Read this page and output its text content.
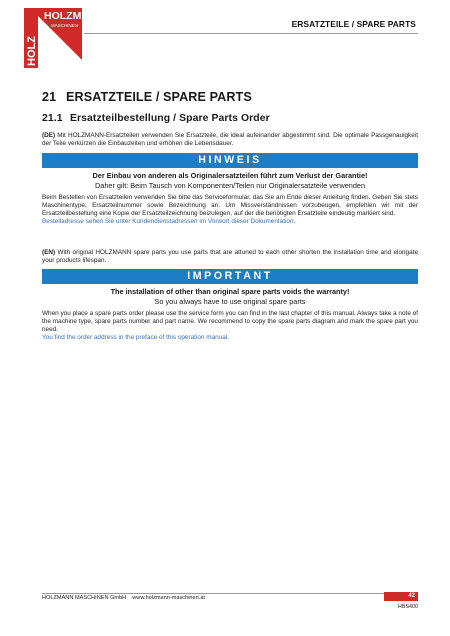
HOLZMANN
MASCHINEN
HOLZ
ERSATZTEILE / SPARE PARTS
21 ERSATZTEILE / SPARE PARTS
21.1 Ersatzteilbestellung / Spare Parts Order

(DE) Mit HOLZMANN-Ersatzteilen verwenden Sie Ersatzteile, die ideal aufeinander abgestimmt sind. Die optimale Passgenauigkeit der Teile verkürzen die Einbauzeiten und erhöhen die Lebensdauer.

HINWEIS

Der Einbau von anderen als Originalersatzteilen führt zum Verlust der Garantie!

Daher gilt: Beim Tausch von Komponenten/Teilen nur Originalersatzteile verwenden

Beim Bestellen von Ersatzteilen verwenden Sie bitte das Serviceformular, das Sie am Ende dieser Anleitung finden. Geben Sie stets Maschinentype, Ersatzteilnummer sowie Bezeichnung an. Um Missverständnissen vorzubeugen, empfehlen wir mit der Ersatzteilbestellung eine Kopie der Ersatzteilzeichnung beizulegen, auf der die benötigten Ersatzteile eindeutig markiert sind.

Bestelladresse sehen Sie unter Kundendienstadressen im Vorwort dieser Dokumentation.

(EN) With original HOLZMANN spare parts you use parts that are attuned to each other shorten the installation time and elongate your products lifespan.

IMPORTANT

The installation of other than original spare parts voids the warranty!

So you always have to use original spare parts

When you place a spare parts order please use the service form you can find in the last chapter of this manual. Always take a note of the machine type, spare parts number and part name. We recommend to copy the spare parts diagram and mark the spare part you need.

You find the order address in the preface of this operation manual.

HOLZMANN MASCHINEN GmbH www.holzmann-maschinen.at	42
HBS400
